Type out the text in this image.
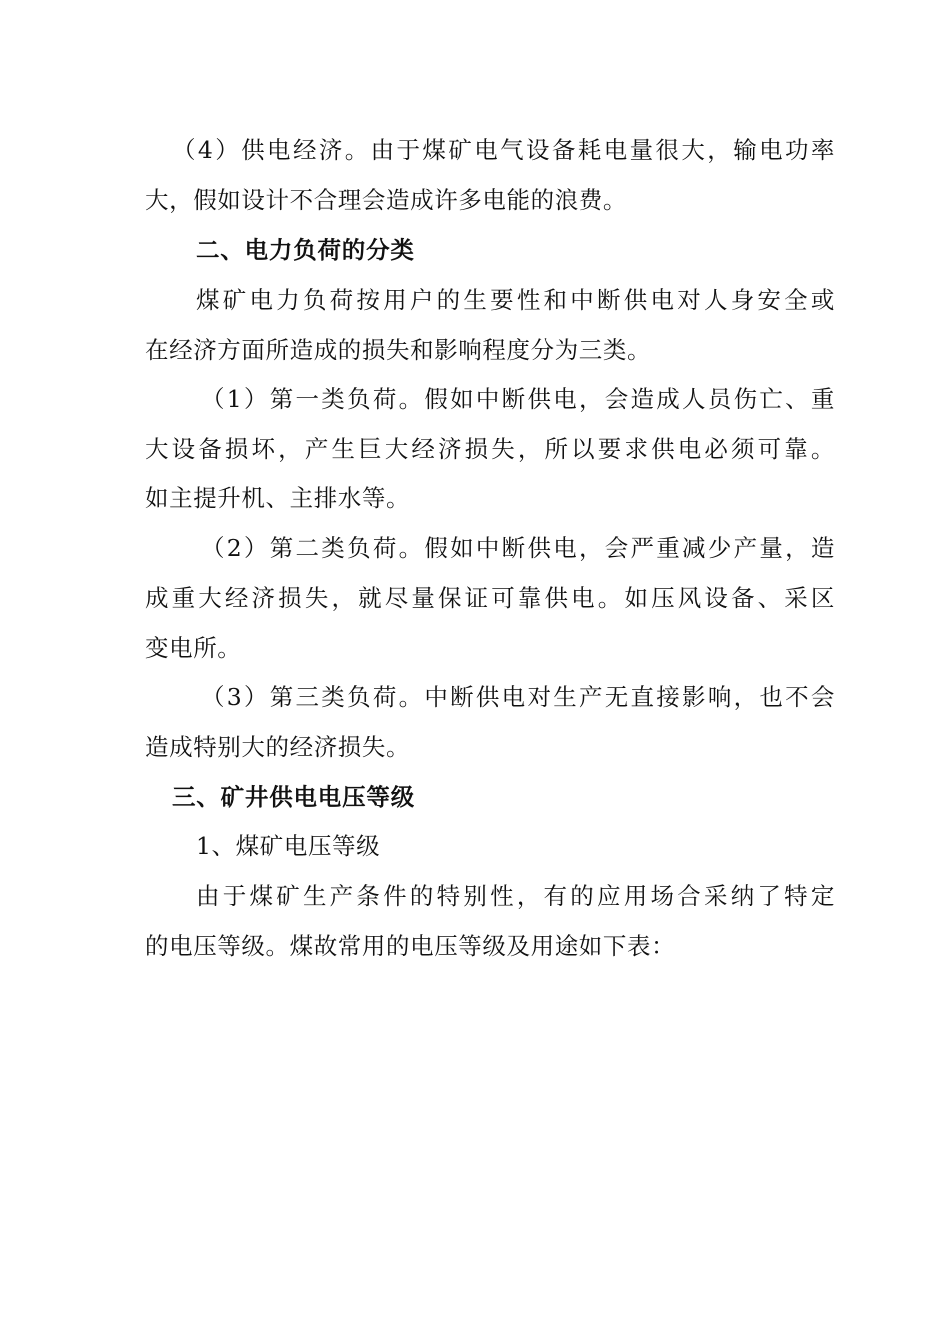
（4）供电经济。由于煤矿电气设备耗电量很大，输电功率
大，假如设计不合理会造成许多电能的浪费。
二、电力负荷的分类
煤矿电力负荷按用户的生要性和中断供电对人身安全或
在经济方面所造成的损失和影响程度分为三类。
（1）第一类负荷。假如中断供电，会造成人员伤亡、重
大设备损坏，产生巨大经济损失，所以要求供电必须可靠。
如主提升机、主排水等。
（2）第二类负荷。假如中断供电，会严重减少产量，造
成重大经济损失，就尽量保证可靠供电。如压风设备、采区
变电所。
（3）第三类负荷。中断供电对生产无直接影响，也不会
造成特别大的经济损失。
三、矿井供电电压等级
1、煤矿电压等级
由于煤矿生产条件的特别性，有的应用场合采纳了特定
的电压等级。煤故常用的电压等级及用途如下表：
